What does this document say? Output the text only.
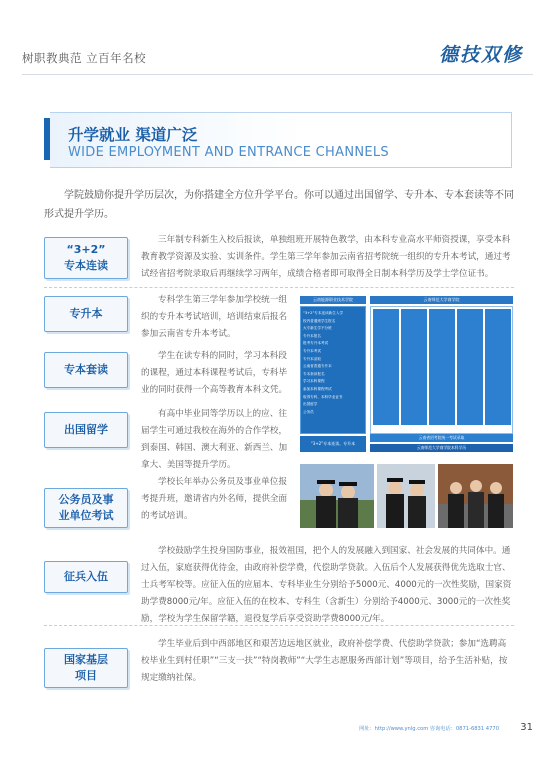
树职教典范 立百年名校	德技双修
升学就业 渠道广泛
WIDE EMPLOYMENT AND ENTRANCE CHANNELS
学院鼓励你提升学历层次，为你搭建全方位升学平台。你可以通过出国留学、专升本、专本套读等不同形式提升学历。
“3+2”
专本连读
三年制专科新生入校后报读，单独组班开展特色教学，由本科专业高水平师资授课，享受本科教育教学资源及实验、实训条件。学生第三学年参加云南省招考院统一组织的专升本考试，通过考试经省招考院录取后再继续学习两年，成绩合格者即可取得全日制本科学历及学士学位证书。
专升本
专科学生第三学年参加学校统一组织的专升本考试培训，培训结束后报名参加云南省专升本考试。
专本套读
学生在读专科的同时，学习本科段的课程，通过本科课程考试后，专科毕业的同时获得一个高等教育本科文凭。
出国留学
有高中毕业同等学历以上的应、往届学生可通过我校在海外的合作学校，到泰国、韩国、澳大利亚、新西兰、加拿大、美国等提升学历。
云南能源职业技术学院	云南师范大学商学院
“3+2”专本连读新生入学
校内普通班学生报名
大专新生学不分班
专升本报名
报考专升本考试
专升本考试
专升本录取
云南省普通专升本
专本套读报名
学习本科课程
参加本科课程考试
取得专科、本科毕业证书
出国留学
公务员
云南省招考院统一考试录取
云南师范大学商学院本科学历
“3+2”专本连读、专升本
公务员及事
业单位考试
学校长年举办公务员及事业单位报考提升班，邀请省内外名师，提供全面的考试培训。
征兵入伍
学校鼓励学生投身国防事业，报效祖国，把个人的发展融入到国家、社会发展的共同体中。通过入伍，家庭获得优待金，由政府补偿学费，代偿助学贷款。入伍后个人发展获得优先选取士官、士兵考军校等。应征入伍的应届本、专科毕业生分别给予5000元、4000元的一次性奖励，国家资助学费8000元/年。应征入伍的在校本、专科生（含新生）分别给予4000元、3000元的一次性奖励，学校为学生保留学籍，退役复学后享受资助学费8000元/年。
国家基层
项目
学生毕业后到中西部地区和艰苦边远地区就业，政府补偿学费、代偿助学贷款；参加“选聘高校毕业生到村任职”“三支一扶”“特岗教师”“大学生志愿服务西部计划”等项目，给予生活补贴，按规定缴纳社保。
网址：http://www.ynlg.com 咨询电话：0871-6831 4770 31
